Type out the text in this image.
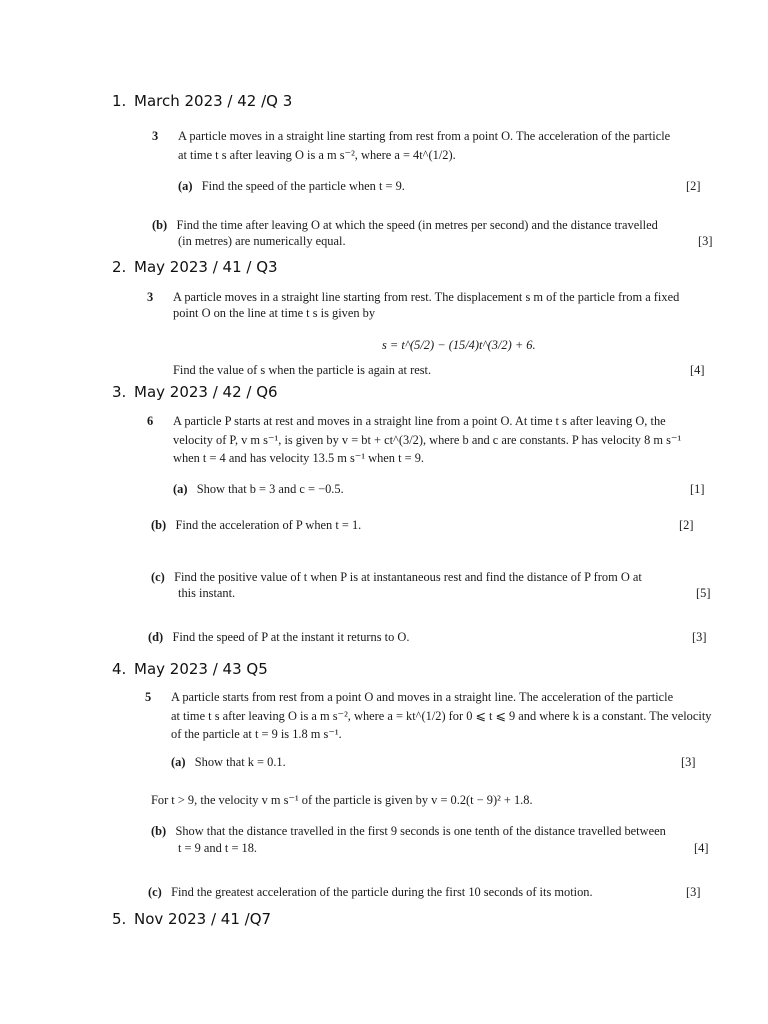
1. March 2023 / 42 /Q 3
3 A particle moves in a straight line starting from rest from a point O. The acceleration of the particle
at time t s after leaving O is a m s⁻², where a = 4t^(1/2).
(a) Find the speed of the particle when t = 9.	[2]
(b) Find the time after leaving O at which the speed (in metres per second) and the distance travelled
(in metres) are numerically equal.	[3]
2. May 2023 / 41 / Q3
3 A particle moves in a straight line starting from rest. The displacement s m of the particle from a fixed
point O on the line at time t s is given by
s = t^(5/2) − (15/4)t^(3/2) + 6.
Find the value of s when the particle is again at rest.	[4]
3. May 2023 / 42 / Q6
6 A particle P starts at rest and moves in a straight line from a point O. At time t s after leaving O, the
velocity of P, v m s⁻¹, is given by v = bt + ct^(3/2), where b and c are constants. P has velocity 8 m s⁻¹
when t = 4 and has velocity 13.5 m s⁻¹ when t = 9.
(a) Show that b = 3 and c = −0.5.	[1]
(b) Find the acceleration of P when t = 1.	[2]
(c) Find the positive value of t when P is at instantaneous rest and find the distance of P from O at
this instant.	[5]
(d) Find the speed of P at the instant it returns to O.	[3]
4. May 2023 / 43 Q5
5 A particle starts from rest from a point O and moves in a straight line. The acceleration of the particle
at time t s after leaving O is a m s⁻², where a = kt^(1/2) for 0 ⩽ t ⩽ 9 and where k is a constant. The velocity
of the particle at t = 9 is 1.8 m s⁻¹.
(a) Show that k = 0.1.	[3]
For t > 9, the velocity v m s⁻¹ of the particle is given by v = 0.2(t − 9)² + 1.8.
(b) Show that the distance travelled in the first 9 seconds is one tenth of the distance travelled between
t = 9 and t = 18.	[4]
(c) Find the greatest acceleration of the particle during the first 10 seconds of its motion.	[3]
5. Nov 2023 / 41 /Q7
